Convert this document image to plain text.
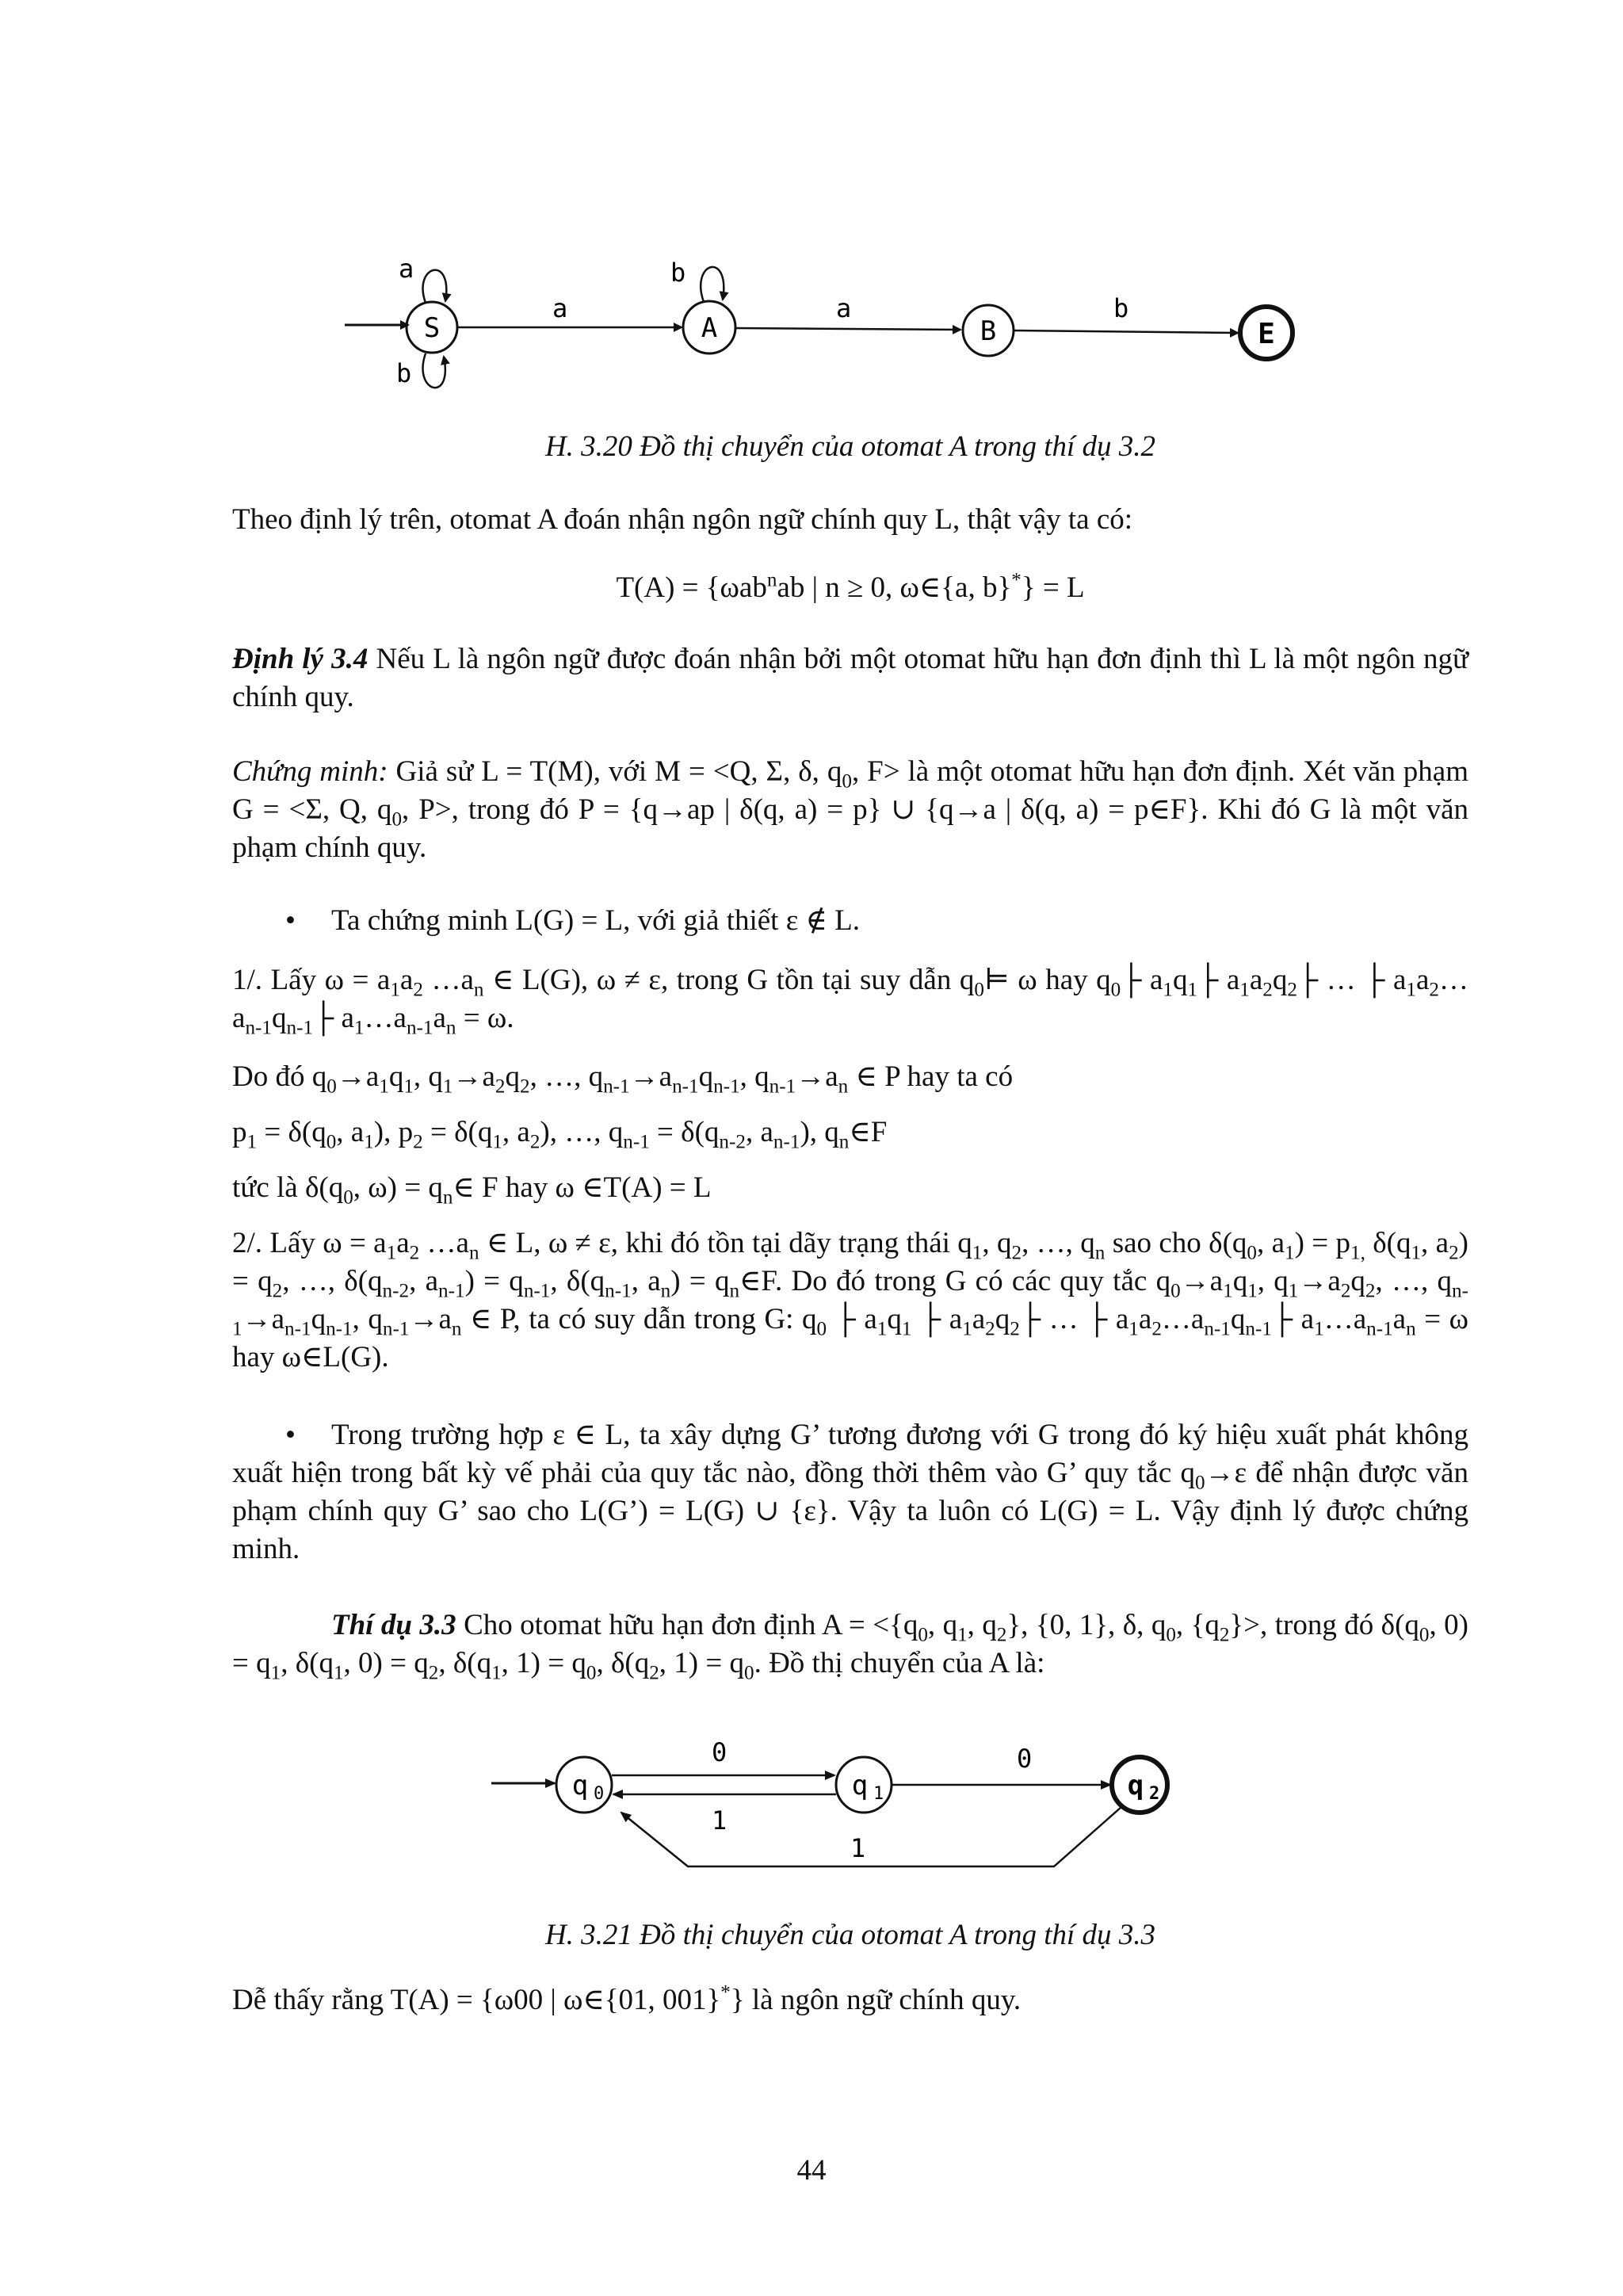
S	A	B	E
a	a	b
a
b
b
H. 3.20 Đồ thị chuyển của otomat A trong thí dụ 3.2
Theo định lý trên, otomat A đoán nhận ngôn ngữ chính quy L, thật vậy ta có:
T(A) = {ωab$^n$ab | n ≥ 0, ω∈{a, b}*} = L
Định lý 3.4 Nếu L là ngôn ngữ được đoán nhận bởi một otomat hữu hạn đơn định thì L là một ngôn ngữ chính quy.
Chứng minh: Giả sử L = T(M), với M = <Q, Σ, δ, $q_0$, F> là một otomat hữu hạn đơn định. Xét văn phạm G = <Σ, Q, $q_0$, P>, trong đó P = {q→ap | δ(q, a) = p} ∪ {q→a | δ(q, a) = p∈F}. Khi đó G là một văn phạm chính quy.
• Ta chứng minh L(G) = L, với giả thiết ε ∉ L.
1/. Lấy $\omega = a_1a_2$ $\dots a_n$ ∈ L(G), ω ≠ ε, trong G tồn tại suy dẫn $q_0⊨$ ω hay $q_0├$ $a_1q_1├$ $a_1a_2q_2├$ … ├ $a_1a_2\dots a_{n-1}q_{n-1}├$ $a_1\dots a_{n-1}a_n = \omega$.
Do đó $q_0\to a_1q_1$, $q_1\to a_2q_2$, …, $q_{n-1}\to a_{n-1}q_{n-1}$, $q_{n-1}\to a_n$ ∈ P hay ta có
$p_1 = \delta(q_0$, $a_1$), $p_2 = \delta(q_1$, $a_2$), …, $q_{n-1} = \delta(q_{n-2}$, $a_{n-1}$), $q_n\in F$
tức là $\delta(q_0$, $\omega) = q_n\in$ F hay ω ∈T(A) = L
2/. Lấy $\omega = a_1a_2$ $\dots a_n$ ∈ L, ω ≠ ε, khi đó tồn tại dãy trạng thái $q_1$, $q_2$, …, $q_n$ sao cho $\delta(q_0$, $a_1) = p_{1,}$ $\delta(q_1$, $a_2) = q_2$, …, $\delta(q_{n-2}$, $a_{n-1}) = q_{n-1}$, $\delta(q_{n-1}$, $a_n$) = $q_n\in F$. Do đó trong G có các quy tắc $q_0\to a_1q_1$, $q_1\to a_2q_2$, …, $q_{n-1}\to a_{n-1}q_{n-1}$, $q_{n-1}\to a_n$ ∈ P, ta có suy dẫn trong G: $q_0$ ├ $a_1q_1$ ├ $a_1a_2q_2├$ … ├ $a_1a_2\dots a_{n-1}q_{n-1}├$ $a_1\dots a_{n-1}a_n = \omega$ hay ω∈L(G).
•	Trong trường hợp ε ∈ L, ta xây dựng G’ tương đương với G trong đó ký hiệu xuất phát không xuất hiện trong bất kỳ vế phải của quy tắc nào, đồng thời thêm vào G’ quy tắc $q_0\to\varepsilon$ để nhận được văn phạm chính quy G’ sao cho L(G’) = L(G) ∪ {ε}. Vậy ta luôn có L(G) = L. Vậy định lý được chứng minh.
Thí dụ 3.3 Cho otomat hữu hạn đơn định $A = <\{q_0$, $q_1$, $q_2$}, {0, 1}, δ, $q_0$, $\{q_2\}>$, trong đó $\delta(q_0$, $0) = q_1$, $\delta(q_1$, $0) = q_2$, $\delta(q_1$, $1) = q_0$, $\delta(q_2$, $1) = q_0$. Đồ thị chuyển của A là:
q 0	q 1	q 2
0
1
0
1
H. 3.21 Đồ thị chuyển của otomat A trong thí dụ 3.3
Dễ thấy rằng T(A) = {ω00 | ω∈{01, 001}*} là ngôn ngữ chính quy.
44
